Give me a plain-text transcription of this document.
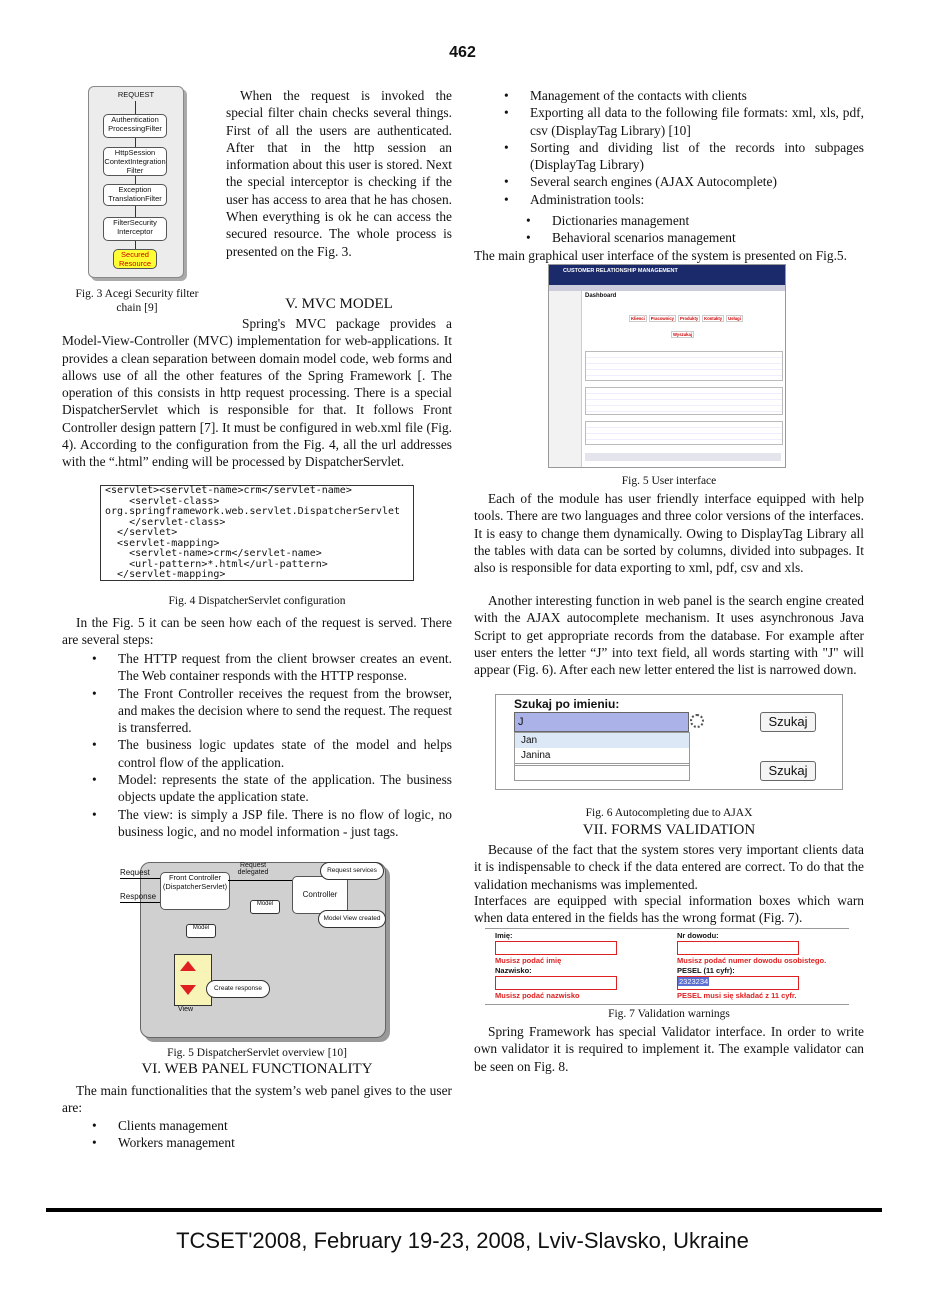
462
REQUEST
Authentication ProcessingFilter
HttpSession ContextIntegration Filter
Exception TranslationFilter
FilterSecurity Interceptor
Secured Resource
Fig. 3 Acegi Security filter chain [9]

When the request is invoked the special filter chain checks several things. First of all the users are authenticated. After that in the http session an information about this user is stored. Next the special interceptor is checking if the user has access to area that he has chosen. When everything is ok he can access the secured resource. The whole process is presented on the Fig. 3.

V. MVC MODEL

Spring's MVC package provides a Model-View-Controller (MVC) implementation for web-applications. It provides a clean separation between domain model code, web forms and allows use of all the other features of the Spring Framework [. The operation of this consists in http request processing. There is a special DispatcherServlet which is responsible for that. It follows Front Controller design pattern [7]. It must be configured in web.xml file (Fig. 4). According to the configuration from the Fig. 4, all the url addresses with the “.html” ending will be processed by DispatcherServlet.

<servlet><servlet-name>crm</servlet-name>
<servlet-class>
org.springframework.web.servlet.DispatcherServlet
</servlet-class>
</servlet>
<servlet-mapping>
<servlet-name>crm</servlet-name>
<url-pattern>*.html</url-pattern>
</servlet-mapping>
Fig. 4 DispatcherServlet configuration

In the Fig. 5 it can be seen how each of the request is served. There are several steps:

• The HTTP request from the client browser creates an event. The Web container responds with the HTTP response.
• The Front Controller receives the request from the browser, and makes the decision where to send the request. The request is transferred.
• The business logic updates state of the model and helps control flow of the application.
• Model: represents the state of the application. The business objects update the application state.
• The view: is simply a JSP file. There is no flow of logic, no business logic, and no model information - just tags.
Request
Response
Front Controller (DispatcherServlet)
Request delegated
Controller
Request services
Model View created
Model
Model
Create response
View
Fig. 5 DispatcherServlet overview [10]
VI. WEB PANEL FUNCTIONALITY

The main functionalities that the system’s web panel gives to the user are:

• Clients management
• Workers management
• Management of the contacts with clients
• Exporting all data to the following file formats: xml, xls, pdf, csv (DisplayTag Library) [10]
• Sorting and dividing list of the records into subpages (DisplayTag Library)
• Several search engines (AJAX Autocomplete)
• Administration tools:
• Dictionaries management
• Behavioral scenarios management

The main graphical user interface of the system is presented on Fig.5.

CUSTOMER RELATIONSHIP MANAGEMENT
Dashboard
Klienci	Pracownicy	Produkty	Kontakty	Usługi
Wyszukaj
Fig. 5 User interface

Each of the module has user friendly interface equipped with help tools. There are two languages and three color versions of the interfaces. It is easy to change them dynamically. Owing to DisplayTag Library all the tables with data can be sorted by columns, divided into subpages. It also is responsible for data exporting to xml, pdf, csv and xls.

Another interesting function in web panel is the search engine created with the AJAX autocomplete mechanism. It uses asynchronous Java Script to get appropriate records from the database. For example after user enters the letter “J” into text field, all words starting with "J" will appear (Fig. 6). After each new letter entered the list is narrowed down.

Szukaj po imieniu:
J	Szukaj
Jan
Janina
Szukaj
Fig. 6 Autocompleting due to AJAX
VII. FORMS VALIDATION

Because of the fact that the system stores very important clients data it is indispensable to check if the data entered are correct. To do that the validation mechanisms was implemented.

Interfaces are equipped with special information boxes which warn when data entered in the fields has the wrong format (Fig. 7).

Imię:
Musisz podać imię
Nazwisko:
Musisz podać nazwisko
Nr dowodu:
Musisz podać numer dowodu osobistego.
PESEL (11 cyfr):
2323234
PESEL musi się składać z 11 cyfr.
Fig. 7 Validation warnings

Spring Framework has special Validator interface. In order to write own validator it is required to implement it. The example validator can be seen on Fig. 8.

TCSET'2008, February 19-23, 2008, Lviv-Slavsko, Ukraine
